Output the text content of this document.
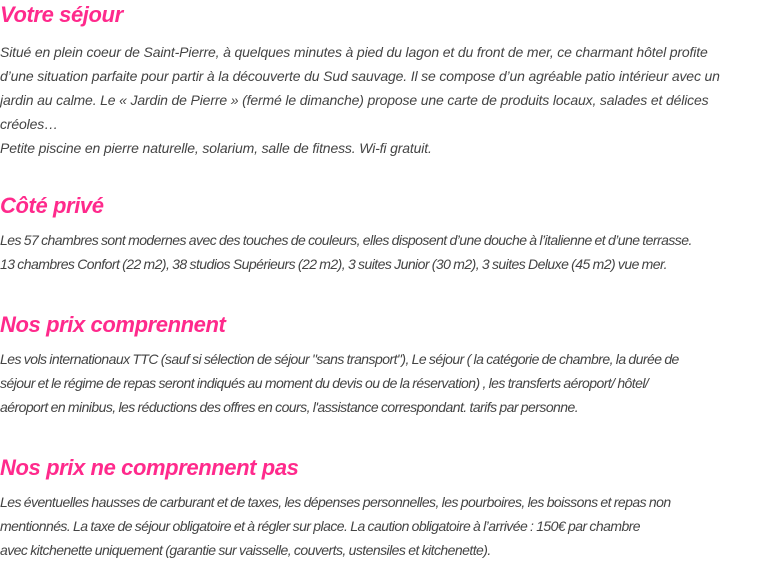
Votre séjour

Situé en plein coeur de Saint-Pierre, à quelques minutes à pied du lagon et du front de mer, ce charmant hôtel profite
d’une situation parfaite pour partir à la découverte du Sud sauvage. Il se compose d’un agréable patio intérieur avec un
jardin au calme. Le « Jardin de Pierre » (fermé le dimanche) propose une carte de produits locaux, salades et délices
créoles…
Petite piscine en pierre naturelle, solarium, salle de fitness. Wi-fi gratuit.

Côté privé

Les 57 chambres sont modernes avec des touches de couleurs, elles disposent d’une douche à l’italienne et d’une terrasse.
13 chambres Confort (22 m2), 38 studios Supérieurs (22 m2), 3 suites Junior (30 m2), 3 suites Deluxe (45 m2) vue mer.

Nos prix comprennent

Les vols internationaux TTC (sauf si sélection de séjour "sans transport"), Le séjour ( la catégorie de chambre, la durée de
séjour et le régime de repas seront indiqués au moment du devis ou de la réservation) , les transferts aéroport/ hôtel/
aéroport en minibus, les réductions des offres en cours, l'assistance correspondant. tarifs par personne.

Nos prix ne comprennent pas

Les éventuelles hausses de carburant et de taxes, les dépenses personnelles, les pourboires, les boissons et repas non
mentionnés. La taxe de séjour obligatoire et à régler sur place. La caution obligatoire à l’arrivée : 150€ par chambre
avec kitchenette uniquement (garantie sur vaisselle, couverts, ustensiles et kitchenette).
